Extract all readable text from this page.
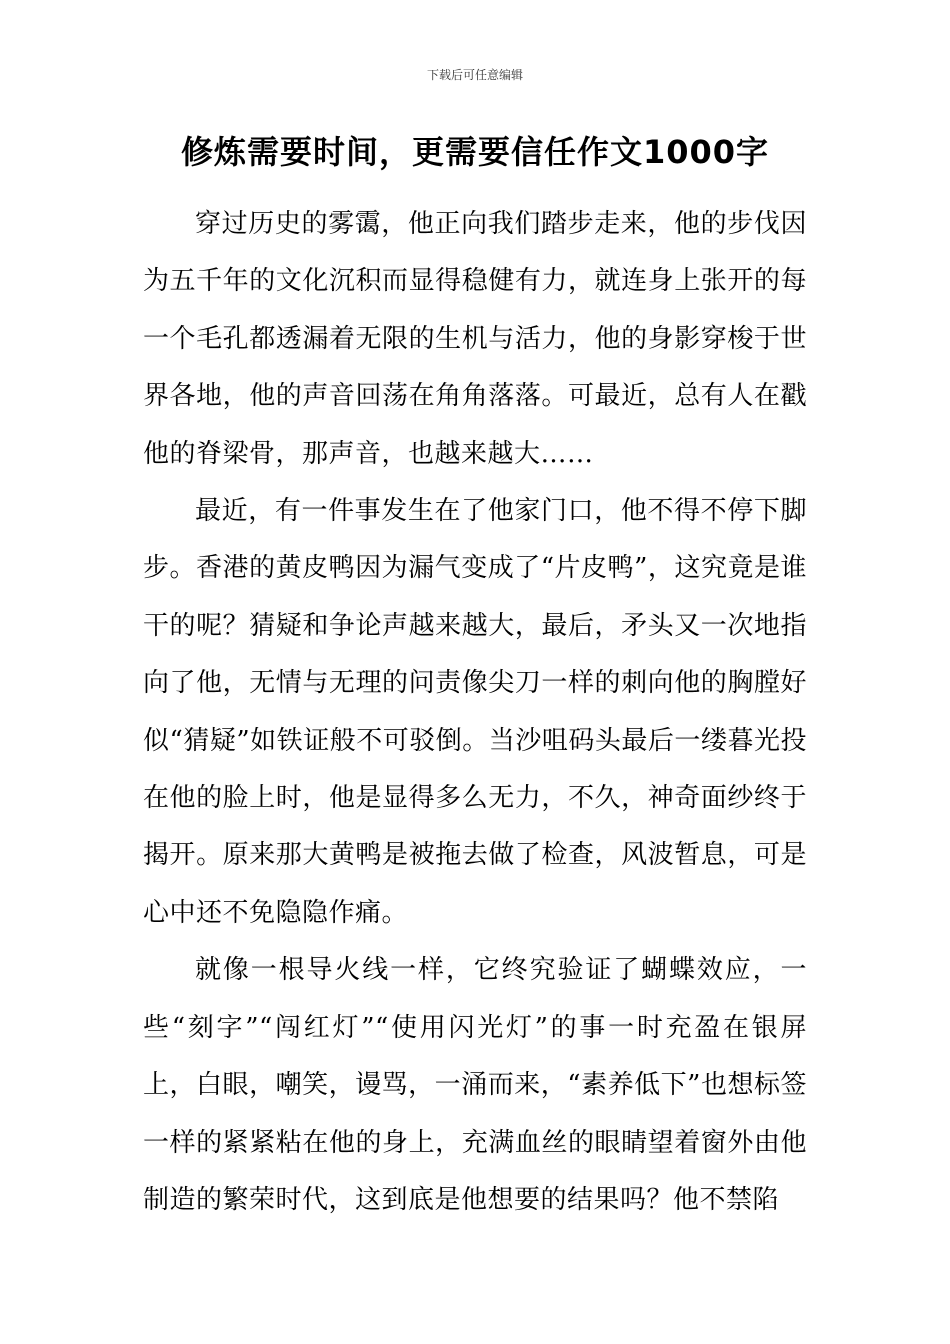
下载后可任意编辑
修炼需要时间，更需要信任作文1000字

穿过历史的雾霭，他正向我们踏步走来，他的步伐因为五千年的文化沉积而显得稳健有力，就连身上张开的每一个毛孔都透漏着无限的生机与活力，他的身影穿梭于世界各地，他的声音回荡在角角落落。可最近，总有人在戳他的脊梁骨，那声音，也越来越大……

最近，有一件事发生在了他家门口，他不得不停下脚步。香港的黄皮鸭因为漏气变成了“片皮鸭”，这究竟是谁干的呢？猜疑和争论声越来越大，最后，矛头又一次地指向了他，无情与无理的问责像尖刀一样的刺向他的胸膛好似“猜疑”如铁证般不可驳倒。当沙咀码头最后一缕暮光投在他的脸上时，他是显得多么无力，不久，神奇面纱终于揭开。原来那大黄鸭是被拖去做了检查，风波暂息，可是心中还不免隐隐作痛。

就像一根导火线一样，它终究验证了蝴蝶效应，一些“刻字”“闯红灯”“使用闪光灯”的事一时充盈在银屏上，白眼，嘲笑，谩骂，一涌而来，“素养低下”也想标签一样的紧紧粘在他的身上，充满血丝的眼睛望着窗外由他制造的繁荣时代，这到底是他想要的结果吗？他不禁陷
